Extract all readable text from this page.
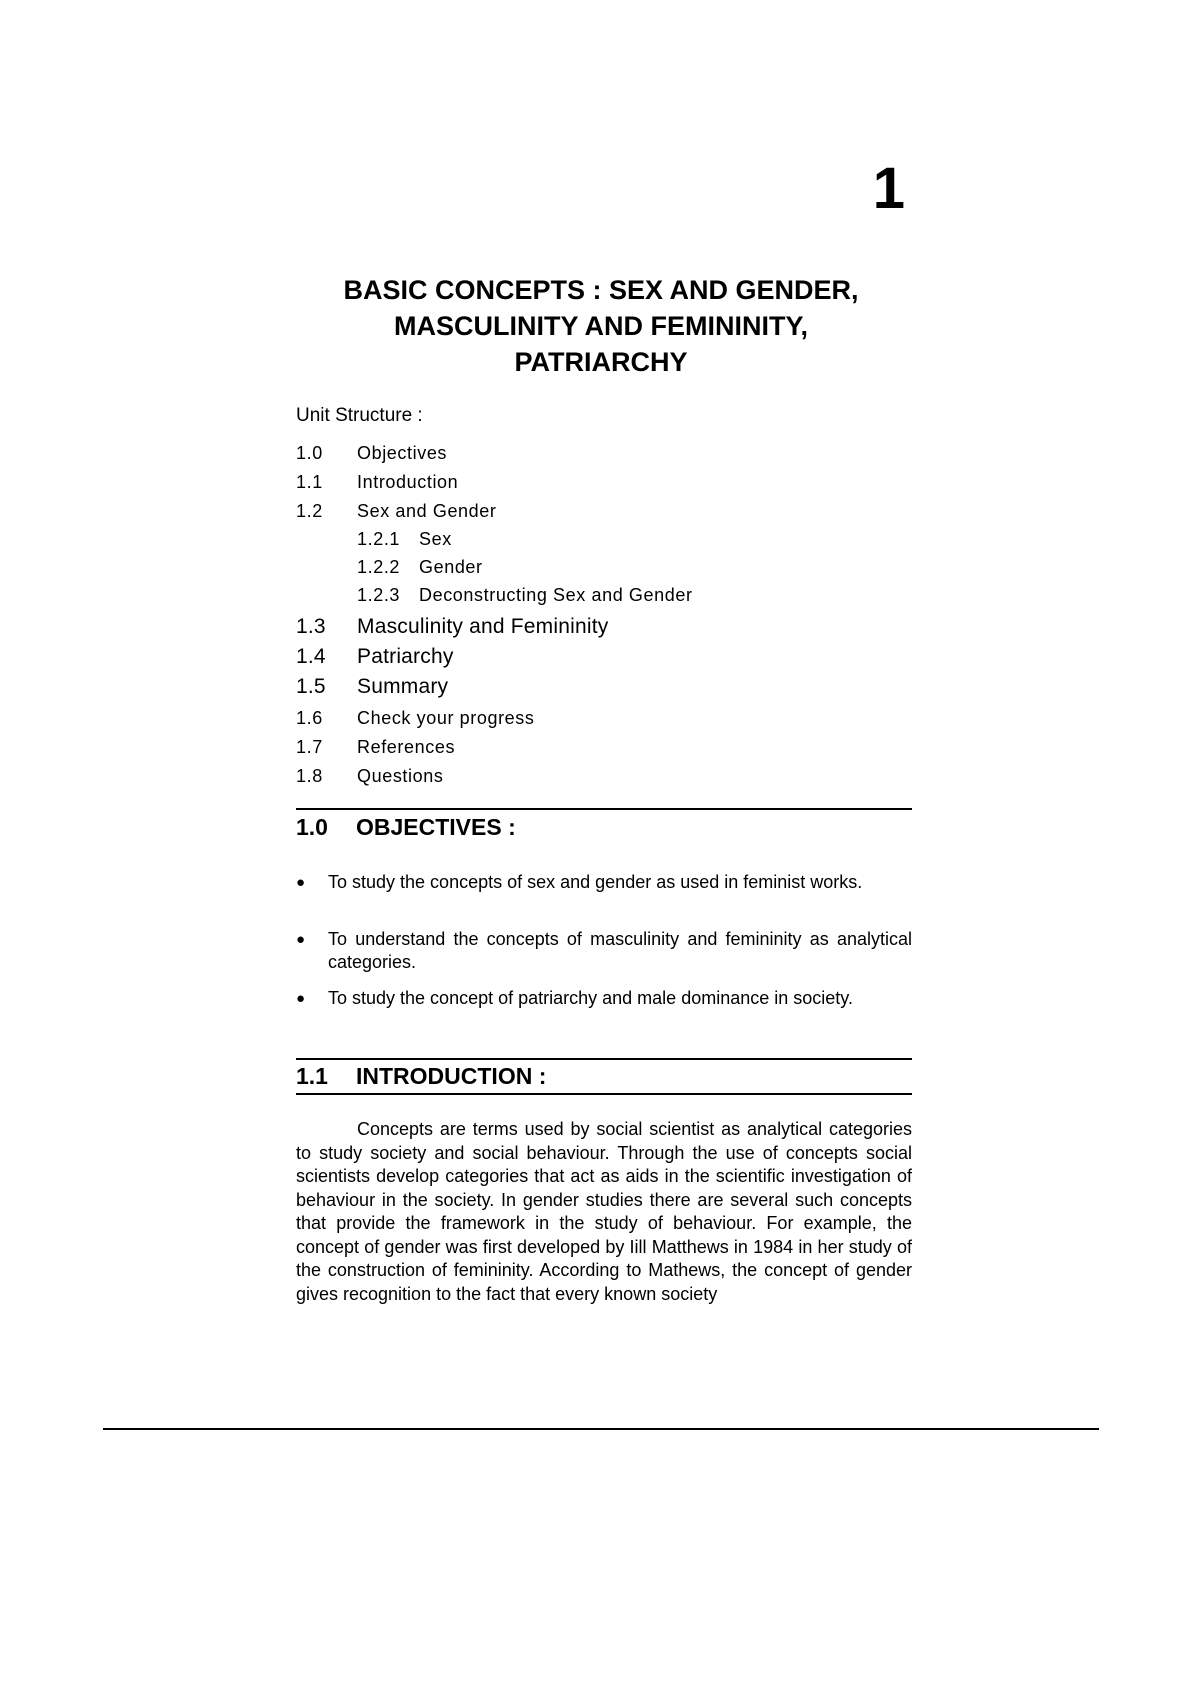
1
BASIC CONCEPTS : SEX AND GENDER,
MASCULINITY AND FEMININITY,
PATRIARCHY
Unit Structure :
1.0 Objectives
1.1 Introduction
1.2 Sex and Gender
1.2.1 Sex
1.2.2 Gender
1.2.3 Deconstructing Sex and Gender
1.3 Masculinity and Femininity
1.4 Patriarchy
1.5 Summary
1.6 Check your progress
1.7 References
1.8 Questions
1.0 OBJECTIVES :
●	To study the concepts of sex and gender as used in feminist works.
●	To understand the concepts of masculinity and femininity as analytical categories.
●	To study the concept of patriarchy and male dominance in society.
1.1 INTRODUCTION :
Concepts are terms used by social scientist as analytical categories to study society and social behaviour. Through the use of concepts social scientists develop categories that act as aids in the scientific investigation of behaviour in the society. In gender studies there are several such concepts that provide the framework in the study of behaviour. For example, the concept of gender was first developed by Iill Matthews in 1984 in her study of the construction of femininity. According to Mathews, the concept of gender gives recognition to the fact that every known society
